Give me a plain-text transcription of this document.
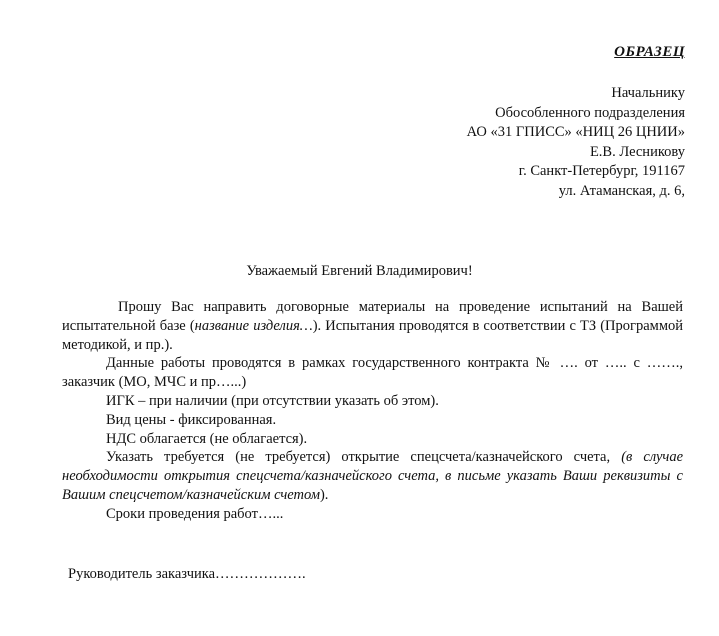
ОБРАЗЕЦ
Начальнику
Обособленного подразделения
АО «31 ГПИСС» «НИЦ 26 ЦНИИ»
Е.В. Лесникову
г. Санкт-Петербург, 191167
ул. Атаманская, д. 6,
Уважаемый Евгений Владимирович!

Прошу Вас направить договорные материалы на проведение испытаний на Вашей испытательной базе (название изделия…). Испытания проводятся в соответствии с ТЗ (Программой методикой, и пр.).

Данные работы проводятся в рамках государственного контракта № …. от ….. с ……., заказчик (МО, МЧС и пр…...)

ИГК – при наличии (при отсутствии указать об этом).

Вид цены - фиксированная.

НДС облагается (не облагается).

Указать требуется (не требуется) открытие спецсчета/казначейского счета, (в случае необходимости открытия спецсчета/казначейского счета, в письме указать Ваши реквизиты с Вашим спецсчетом/казначейским счетом).

Сроки проведения работ…...

Руководитель заказчика……………….
